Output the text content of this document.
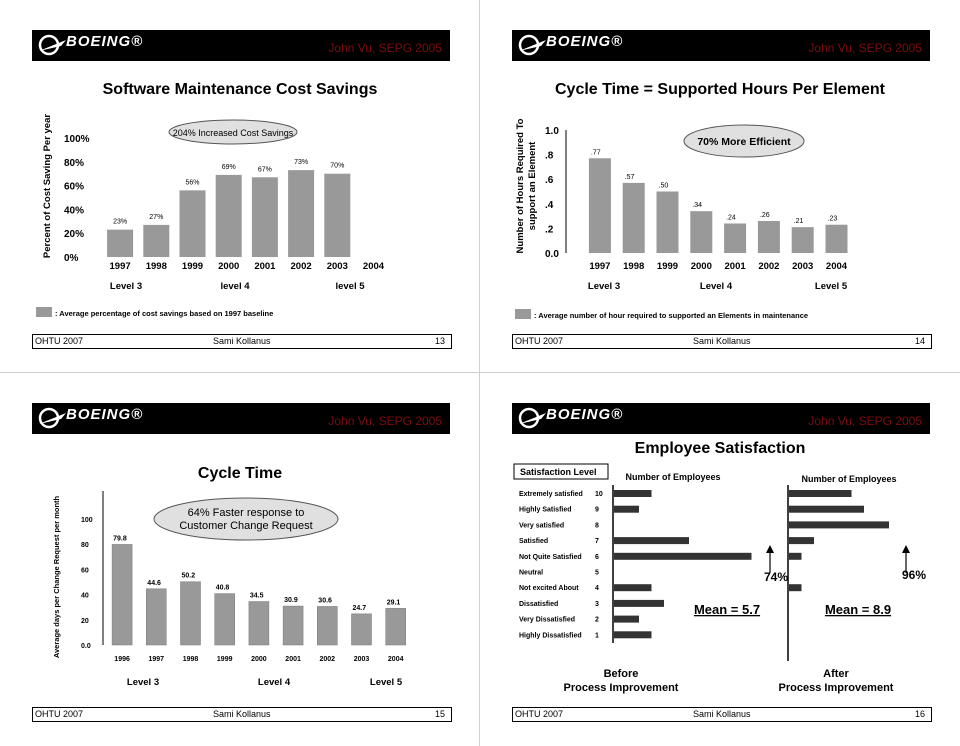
BOEING®	John Vu, SEPG 2005
Software Maintenance Cost Savings
Percent of Cost Saving Per year 100%
80%
60%
40%
20%
0%
204% Increased Cost Savings
1997
23%
1998
27%
1999
56%
2000
69%
2001
67%
2002
73%
2003
70%
2004
Level 3	level 4	level 5
: Average percentage of cost savings based on 1997 baseline
OHTU 2007	Sami Kollanus	13
BOEING®	John Vu, SEPG 2005
Cycle Time = Supported Hours Per Element
Number of Hours Required To support an Element
1.0
.8
.6
.4
.2
0.0
70% More Efficient
1997
.77
1998
.57
1999
.50
2000
.34
2001
.24
2002
.26
2003
.21
2004
.23
Level 3	Level 4	Level 5
: Average number of hour required to supported an Elements in maintenance
OHTU 2007	Sami Kollanus	14
BOEING®	John Vu, SEPG 2005
Cycle Time
Average days per Change Request per month	100
80
60
40
20
0.0
64% Faster response to
Customer Change Request
1996
79.8
1997
44.6
1998
50.2
1999
40.8
2000
34.5
2001
30.9
2002
30.6
2003
24.7
2004
29.1
Level 3	Level 4	Level 5
OHTU 2007	Sami Kollanus	15
BOEING®	John Vu, SEPG 2005
Employee Satisfaction
Satisfaction Level	Number of Employees	Number of Employees
Extremely satisfied 10
Highly Satisfied	9
Very satisfied	8
Satisfied	7
Not Quite Satisfied 6
Neutral	5
Not excited About 4
Dissatisfied	3
Very Dissatisfied	2
Highly Dissatisfied 1
74%	96%
Mean = 5.7	Mean = 8.9
Before
Process Improvement
After
Process Improvement
OHTU 2007	Sami Kollanus	16
